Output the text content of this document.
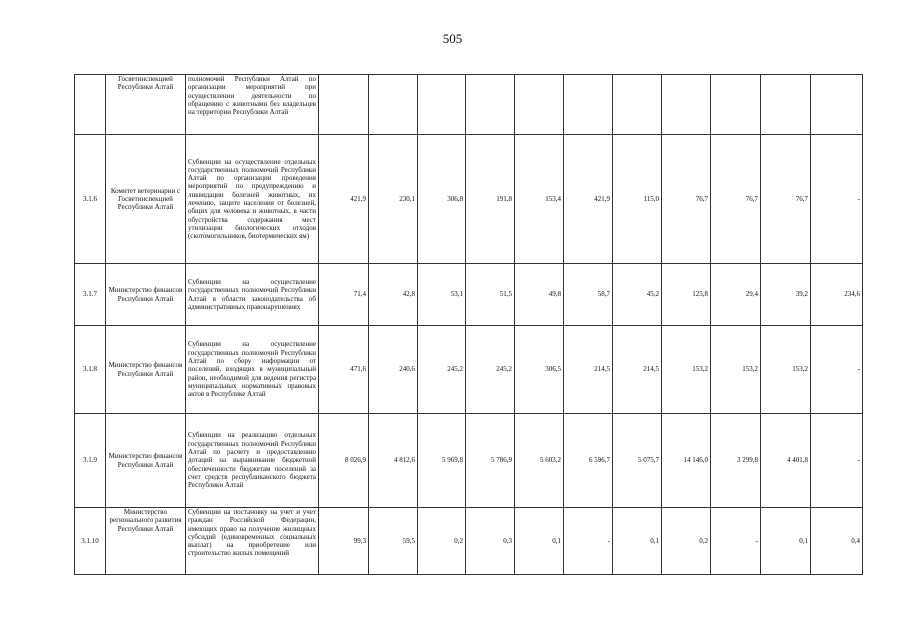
505
	Госветинспекцией Республики Алтай	полномочий Республики Алтай по организации мероприятий при осуществлении деятельности по обращению с животными без владельцев на территории Республики Алтай											
3.1.6	Комитет ветеринарии с Госветинспекцией Республики Алтай	Субвенции на осуществление отдельных государственных полномочий Республики Алтай по организации проведения мероприятий по предупреждению и ликвидации болезней животных, их лечению, защите населения от болезней, общих для человека и животных, в части обустройства содержания мест утилизации биологических отходов (скотомогильников, биотермических ям)	421,9	230,1	306,8	191,8	153,4	421,9	115,0	76,7	76,7	76,7	-
3.1.7	Министерство финансов Республики Алтай	Субвенции на осуществление государственных полномочий Республики Алтай в области законодательства об административных правонарушениях	71,4	42,8	53,1	51,5	49,8	58,7	45,2	125,8	29,4	39,2	234,6
3.1.8	Министерство финансов Республики Алтай	Субвенции на осуществление государственных полномочий Республики Алтай по сбору информации от поселений, входящих в муниципальный район, необходимой для ведения регистра муниципальных нормативных правовых актов в Республике Алтай	471,6	240,6	245,2	245,2	306,5	214,5	214,5	153,2	153,2	153,2	-
3.1.9	Министерство финансов Республики Алтай	Субвенции на реализацию отдельных государственных полномочий Республики Алтай по расчету и предоставлению дотаций на выравнивание бюджетной обеспеченности бюджетам поселений за счет средств республиканского бюджета Республики Алтай	8 026,9	4 812,6	5 969,8	5 786,9	5 603,2	6 596,7	5 075,7	14 146,0	3 299,8	4 401,8	-
3.1.10	Министерство регионального развития Республики Алтай	Субвенции на постановку на учет и учет граждан Российской Федерации, имеющих право на получение жилищных субсидий (единовременных социальных выплат) на приобретение или строительство жилых помещений	99,3	59,5	0,2	0,3	0,1	-	0,1	0,2	-	0,1	0,4
